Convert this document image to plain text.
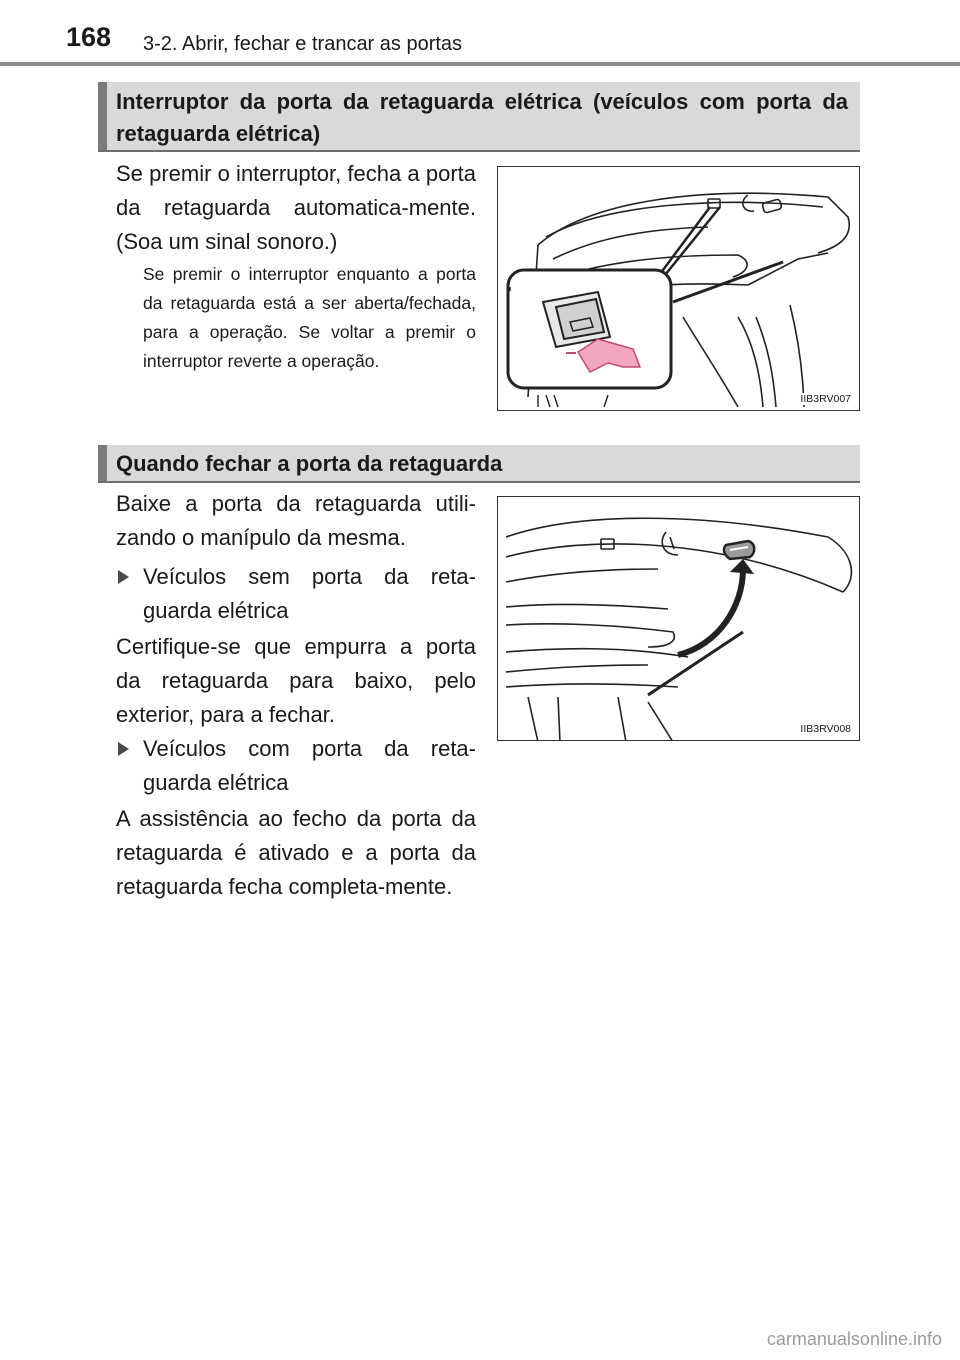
168 3-2. Abrir, fechar e trancar as portas
Interruptor da porta da retaguarda elétrica (veículos com porta da retaguarda elétrica)

Se premir o interruptor, fecha a porta da retaguarda automatica-mente. (Soa um sinal sonoro.)

Se premir o interruptor enquanto a porta da retaguarda está a ser aberta/fechada, para a operação. Se voltar a premir o interruptor reverte a operação.

IIB3RV007
Quando fechar a porta da retaguarda

Baixe a porta da retaguarda utili-zando o manípulo da mesma.

Veículos sem porta da reta-guarda elétrica

Certifique-se que empurra a porta da retaguarda para baixo, pelo exterior, para a fechar.

Veículos com porta da reta-guarda elétrica

A assistência ao fecho da porta da retaguarda é ativado e a porta da retaguarda fecha completa-mente.

IIB3RV008
carmanualsonline.info
